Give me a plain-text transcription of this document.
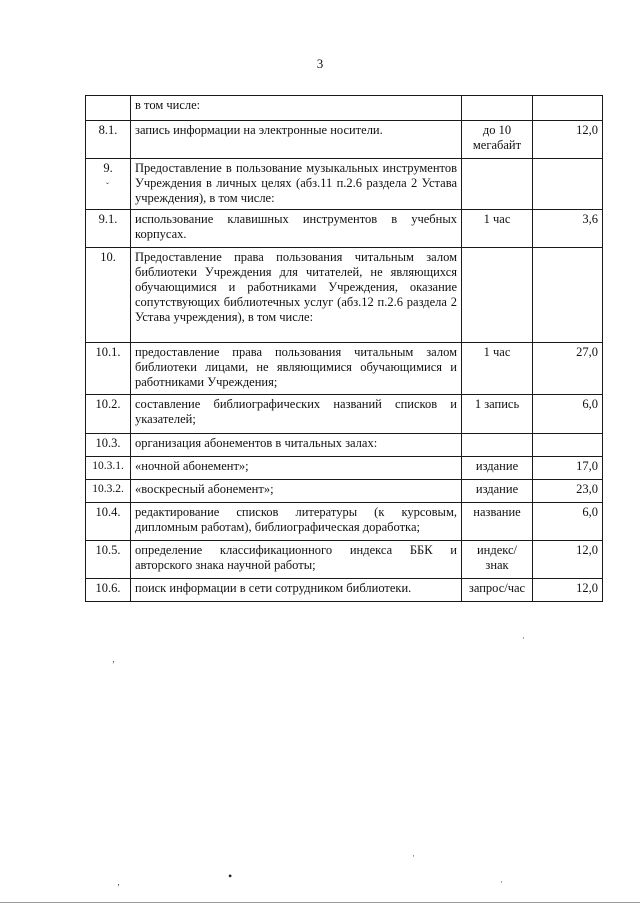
3
	в том числе:		
8.1.	запись информации на электронные носители.	до 10 мегабайт	12,0
9.	Предоставление в пользование музыкальных инструментов Учреждения в личных целях (абз.11 п.2.6 раздела 2 Устава учреждения), в том числе:		
9.1.	использование клавишных инструментов в учебных корпусах.	1 час	3,6
10.	Предоставление права пользования читальным залом библиотеки Учреждения для читателей, не являющихся обучающимися и работниками Учреждения, оказание сопутствующих библиотечных услуг (абз.12 п.2.6 раздела 2 Устава учреждения), в том числе:		
10.1.	предоставление права пользования читальным залом библиотеки лицами, не являющимися обучающимися и работниками Учреждения;	1 час	27,0
10.2.	составление библиографических названий списков и указателей;	1 запись	6,0
10.3.	организация абонементов в читальных залах:		
10.3.1.	«ночной абонемент»;	издание	17,0
10.3.2.	«воскресный абонемент»;	издание	23,0
10.4.	редактирование списков литературы (к курсовым, дипломным работам), библиографическая доработка;	название	6,0
10.5.	определение классификационного индекса ББК и авторского знака научной работы;	индекс/ знак	12,0
10.6.	поиск информации в сети сотрудником библиотеки.	запрос/час	12,0
ˇ
‚
·
‚	•
·
·
